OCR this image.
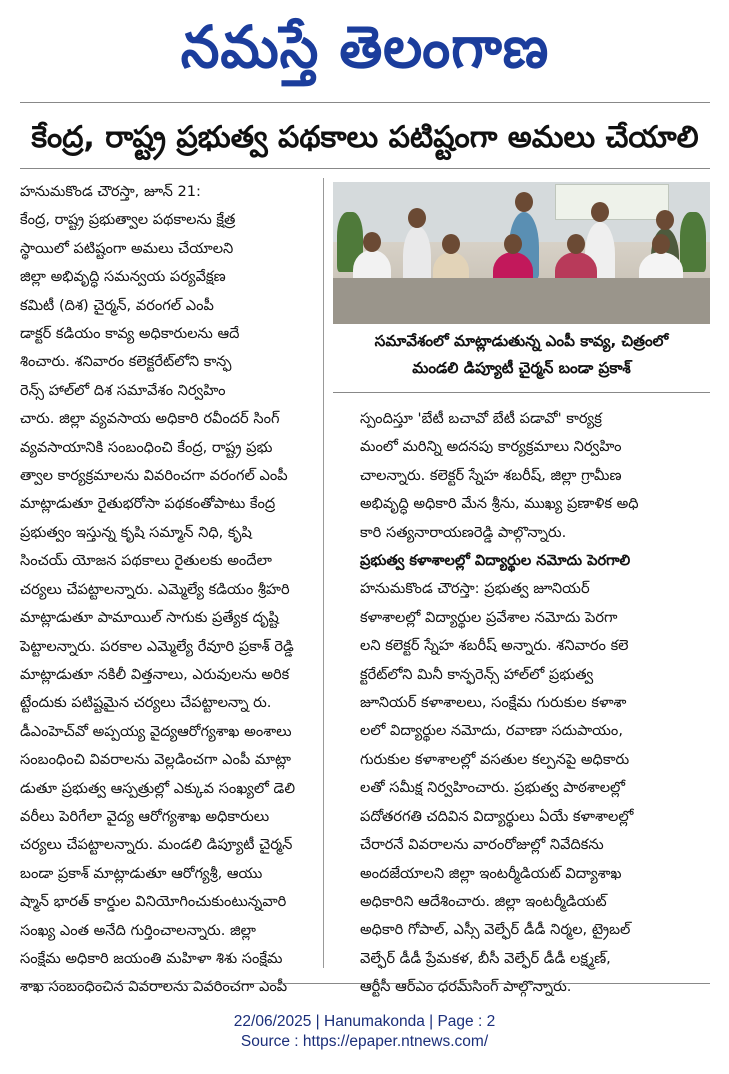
నమస్తే తెలంగాణ
కేంద్ర, రాష్ట్ర ప్రభుత్వ పథకాలు పటిష్టంగా అమలు చేయాలి

హనుమకొండ చౌరస్తా, జూన్ 21:
కేంద్ర, రాష్ట్ర ప్రభుత్వాల పథకాలను క్షేత్ర
స్థాయిలో పటిష్టంగా అమలు చేయాలని
జిల్లా అభివృద్ధి సమన్వయ పర్యవేక్షణ
కమిటీ (దిశ) చైర్మన్, వరంగల్ ఎంపీ
డాక్టర్ కడియం కావ్య అధికారులను ఆదే
శించారు. శనివారం కలెక్టరేట్‌లోని కాన్ఫ
రెన్స్ హాల్‌లో దిశ సమావేశం నిర్వహిం
చారు. జిల్లా వ్యవసాయ అధికారి రవీందర్ సింగ్
వ్యవసాయానికి సంబంధించి కేంద్ర, రాష్ట్ర ప్రభు
త్వాల కార్యక్రమాలను వివరించగా వరంగల్ ఎంపీ
మాట్లాడుతూ రైతుభరోసా పథకంతోపాటు కేంద్ర
ప్రభుత్వం ఇస్తున్న కృషి సమ్మాన్ నిధి, కృషి
సించయ్ యోజన పథకాలు రైతులకు అందేలా
చర్యలు చేపట్టాలన్నారు. ఎమ్మెల్యే కడియం శ్రీహరి
మాట్లాడుతూ పామాయిల్ సాగుకు ప్రత్యేక దృష్టి
పెట్టాలన్నారు. పరకాల ఎమ్మెల్యే రేవూరి ప్రకాశ్ రెడ్డి
మాట్లాడుతూ నకిలీ విత్తనాలు, ఎరువులను అరిక
ట్టేందుకు పటిష్టమైన చర్యలు చేపట్టాలన్నా రు.
డీఎంహెచ్‌వో అప్పయ్య వైద్యఆరోగ్యశాఖ అంశాలు
సంబంధించి వివరాలను వెల్లడించగా ఎంపీ మాట్లా
డుతూ ప్రభుత్వ ఆస్పత్రుల్లో ఎక్కువ సంఖ్యలో డెలి
వరీలు పెరిగేలా వైద్య ఆరోగ్యశాఖ అధికారులు
చర్యలు చేపట్టాలన్నారు. మండలి డిప్యూటీ చైర్మన్
బండా ప్రకాశ్ మాట్లాడుతూ ఆరోగ్యశ్రీ, ఆయు
ష్మాన్ భారత్ కార్డుల వినియోగించుకుంటున్నవారి
సంఖ్య ఎంత అనేది గుర్తించాలన్నారు. జిల్లా
సంక్షేమ అధికారి జయంతి మహిళా శిశు సంక్షేమ
శాఖ సంబంధించిన వివరాలను వివరించగా ఎంపీ

సమావేశంలో మాట్లాడుతున్న ఎంపీ కావ్య, చిత్రంలో
మండలి డిప్యూటీ చైర్మన్ బండా ప్రకాశ్

స్పందిస్తూ 'బేటీ బచావో బేటీ పడావో' కార్యక్ర
మంలో మరిన్ని అదనపు కార్యక్రమాలు నిర్వహిం
చాలన్నారు. కలెక్టర్ స్నేహ శబరీష్, జిల్లా గ్రామీణ
అభివృద్ధి అధికారి మేన శ్రీను, ముఖ్య ప్రణాళిక అధి
కారి సత్యనారాయణరెడ్డి పాల్గొన్నారు.

ప్రభుత్వ కళాశాలల్లో విద్యార్థుల నమోదు పెరగాలి

హనుమకొండ చౌరస్తా: ప్రభుత్వ జూనియర్
కళాశాలల్లో విద్యార్థుల ప్రవేశాల నమోదు పెరగా
లని కలెక్టర్ స్నేహ శబరీష్ అన్నారు. శనివారం కలె
క్టరేట్‌లోని మినీ కాన్ఫరెన్స్ హాల్‌లో ప్రభుత్వ
జూనియర్ కళాశాలలు, సంక్షేమ గురుకుల కళాశా
లలో విద్యార్థుల నమోదు, రవాణా సదుపాయం,
గురుకుల కళాశాలల్లో వసతుల కల్పనపై అధికారు
లతో సమీక్ష నిర్వహించారు. ప్రభుత్వ పాఠశాలల్లో
పదోతరగతి చదివిన విద్యార్థులు ఏయే కళాశాలల్లో
చేరారనే వివరాలను వారంరోజుల్లో నివేదికను
అందజేయాలని జిల్లా ఇంటర్మీడియట్ విద్యాశాఖ
అధికారిని ఆదేశించారు. జిల్లా ఇంటర్మీడియట్
అధికారి గోపాల్, ఎస్సీ వెల్ఫేర్ డీడీ నిర్మల, ట్రైబల్
వెల్ఫేర్ డీడీ ప్రేమకళ, బీసీ వెల్ఫేర్ డీడీ లక్ష్మణ్,
ఆర్టీసీ ఆర్ఎం ధరమ్‌సింగ్ పాల్గొన్నారు.

22/06/2025 | Hanumakonda | Page : 2
Source : https://epaper.ntnews.com/
